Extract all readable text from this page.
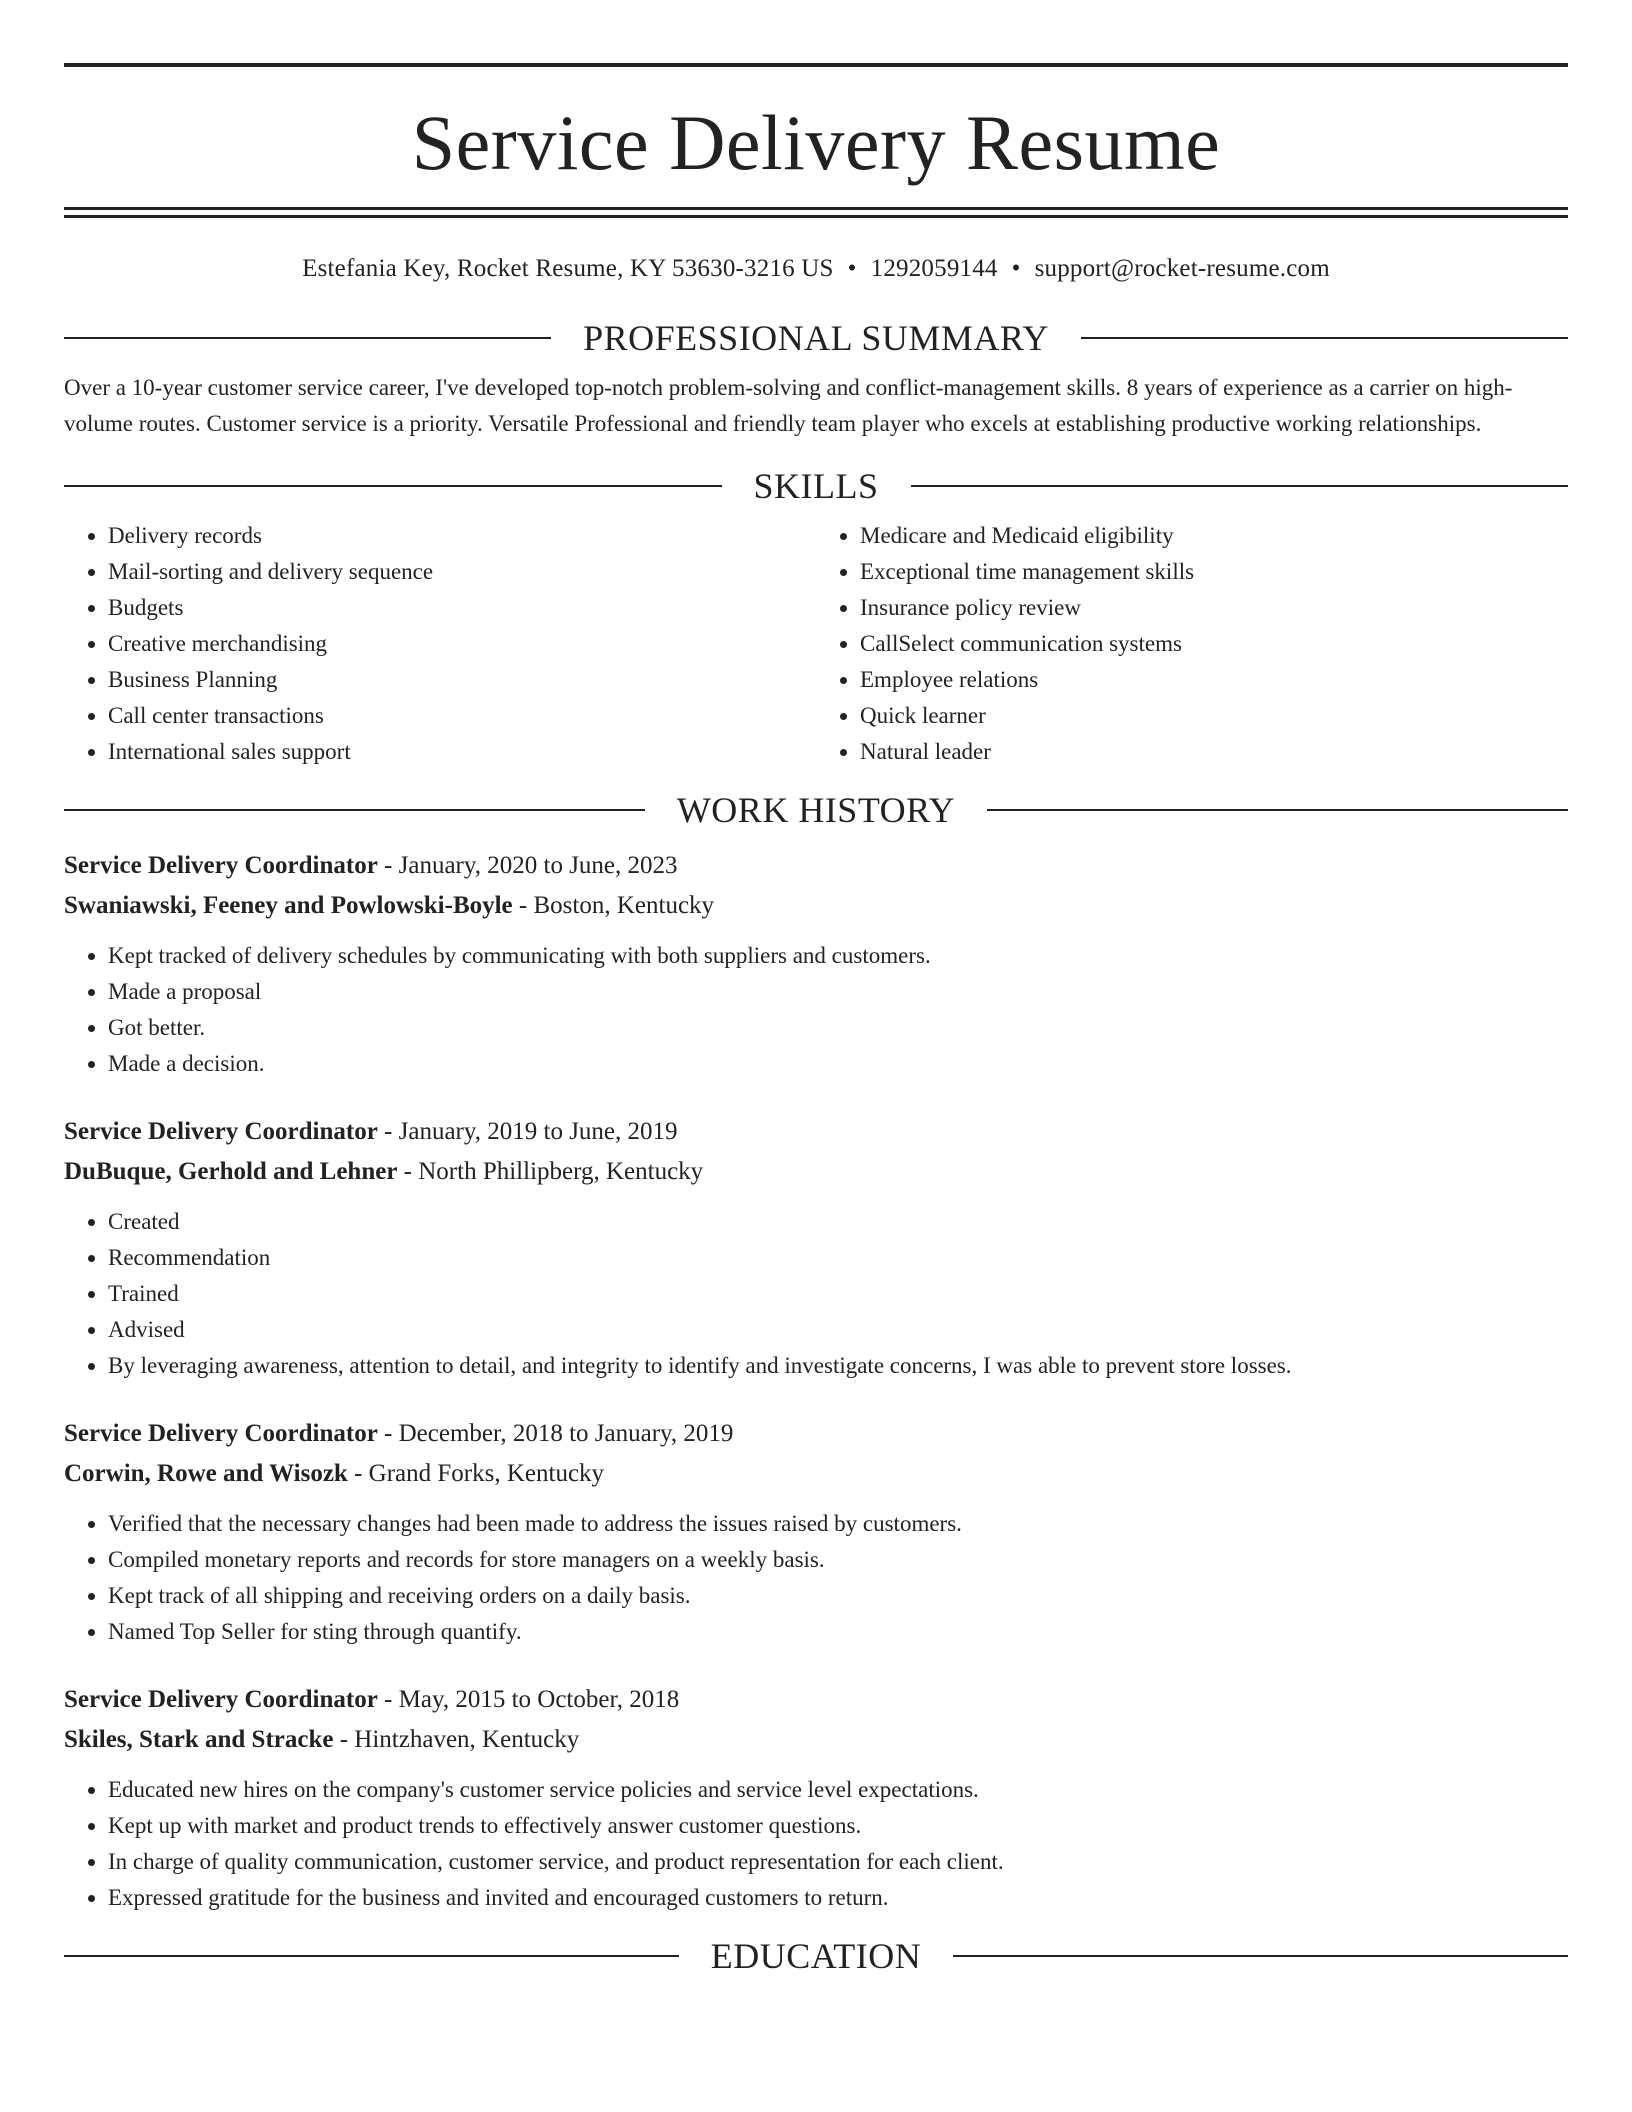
Service Delivery Resume
Estefania Key, Rocket Resume, KY 53630-3216 US • 1292059144 • support@rocket-resume.com
PROFESSIONAL SUMMARY
Over a 10-year customer service career, I've developed top-notch problem-solving and conflict-management skills. 8 years of experience as a carrier on high-volume routes. Customer service is a priority. Versatile Professional and friendly team player who excels at establishing productive working relationships.
SKILLS
• Delivery records
• Mail-sorting and delivery sequence
• Budgets
• Creative merchandising
• Business Planning
• Call center transactions
• International sales support
• Medicare and Medicaid eligibility
• Exceptional time management skills
• Insurance policy review
• CallSelect communication systems
• Employee relations
• Quick learner
• Natural leader
WORK HISTORY
Service Delivery Coordinator - January, 2020 to June, 2023
Swaniawski, Feeney and Powlowski-Boyle - Boston, Kentucky
• Kept tracked of delivery schedules by communicating with both suppliers and customers.
• Made a proposal
• Got better.
• Made a decision.
Service Delivery Coordinator - January, 2019 to June, 2019
DuBuque, Gerhold and Lehner - North Phillipberg, Kentucky
• Created
• Recommendation
• Trained
• Advised
• By leveraging awareness, attention to detail, and integrity to identify and investigate concerns, I was able to prevent store losses.
Service Delivery Coordinator - December, 2018 to January, 2019
Corwin, Rowe and Wisozk - Grand Forks, Kentucky
• Verified that the necessary changes had been made to address the issues raised by customers.
• Compiled monetary reports and records for store managers on a weekly basis.
• Kept track of all shipping and receiving orders on a daily basis.
• Named Top Seller for sting through quantify.
Service Delivery Coordinator - May, 2015 to October, 2018
Skiles, Stark and Stracke - Hintzhaven, Kentucky
• Educated new hires on the company's customer service policies and service level expectations.
• Kept up with market and product trends to effectively answer customer questions.
• In charge of quality communication, customer service, and product representation for each client.
• Expressed gratitude for the business and invited and encouraged customers to return.
EDUCATION
